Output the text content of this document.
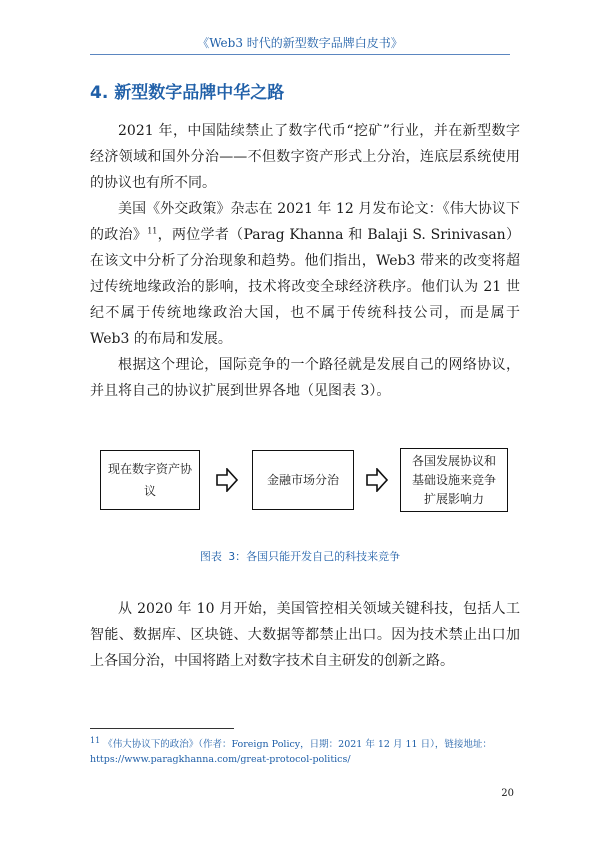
《Web3 时代的新型数字品牌白皮书》
4. 新型数字品牌中华之路

2021 年，中国陆续禁止了数字代币“挖矿”行业，并在新型数字经济领域和国外分治——不但数字资产形式上分治，连底层系统使用的协议也有所不同。

美国《外交政策》杂志在 2021 年 12 月发布论文：《伟大协议下的政治》$^{11}$，两位学者（Parag Khanna 和 Balaji S. Srinivasan）在该文中分析了分治现象和趋势。他们指出，Web3 带来的改变将超过传统地缘政治的影响，技术将改变全球经济秩序。他们认为 21 世纪不属于传统地缘政治大国，也不属于传统科技公司，而是属于 Web3 的布局和发展。

根据这个理论，国际竞争的一个路径就是发展自己的网络协议，并且将自己的协议扩展到世界各地（见图表 3）。

现在数字资产协议
金融市场分治
各国发展协议和基础设施来竞争扩展影响力
图表 3：各国只能开发自己的科技来竞争

从 2020 年 10 月开始，美国管控相关领域关键科技，包括人工智能、数据库、区块链、大数据等都禁止出口。因为技术禁止出口加上各国分治，中国将踏上对数字技术自主研发的创新之路。

$^{11}$ 《伟大协议下的政治》（作者：Foreign Policy，日期：2021 年 12 月 11 日），链接地址：
https://www.paragkhanna.com/great-protocol-politics/
20
